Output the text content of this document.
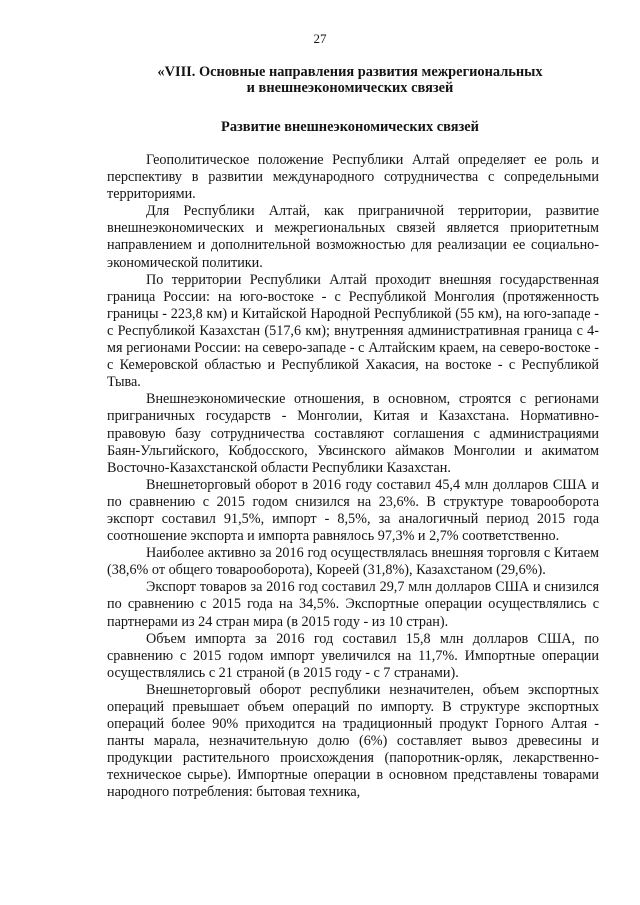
27
«VIII. Основные направления развития межрегиональных
и внешнеэкономических связей
Развитие внешнеэкономических связей

Геополитическое положение Республики Алтай определяет ее роль и перспективу в развитии международного сотрудничества с сопредельными территориями.

Для Республики Алтай, как приграничной территории, развитие внешнеэкономических и межрегиональных связей является приоритетным направлением и дополнительной возможностью для реализации ее социально-экономической политики.

По территории Республики Алтай проходит внешняя государственная граница России: на юго-востоке - с Республикой Монголия (протяженность границы - 223,8 км) и Китайской Народной Республикой (55 км), на юго-западе - с Республикой Казахстан (517,6 км); внутренняя административная граница с 4-мя регионами России: на северо-западе - с Алтайским краем, на северо-востоке - с Кемеровской областью и Республикой Хакасия, на востоке - с Республикой Тыва.

Внешнеэкономические отношения, в основном, строятся с регионами приграничных государств - Монголии, Китая и Казахстана. Нормативно-правовую базу сотрудничества составляют соглашения с администрациями Баян-Ульгийского, Кобдосского, Увсинского аймаков Монголии и акиматом Восточно-Казахстанской области Республики Казахстан.

Внешнеторговый оборот в 2016 году составил 45,4 млн долларов США и по сравнению с 2015 годом снизился на 23,6%. В структуре товарооборота экспорт составил 91,5%, импорт - 8,5%, за аналогичный период 2015 года соотношение экспорта и импорта равнялось 97,3% и 2,7% соответственно.

Наиболее активно за 2016 год осуществлялась внешняя торговля с Китаем (38,6% от общего товарооборота), Кореей (31,8%), Казахстаном (29,6%).

Экспорт товаров за 2016 год составил 29,7 млн долларов США и снизился по сравнению с 2015 года на 34,5%. Экспортные операции осуществлялись с партнерами из 24 стран мира (в 2015 году - из 10 стран).

Объем импорта за 2016 год составил 15,8 млн долларов США, по сравнению с 2015 годом импорт увеличился на 11,7%. Импортные операции осуществлялись с 21 страной (в 2015 году - с 7 странами).

Внешнеторговый оборот республики незначителен, объем экспортных операций превышает объем операций по импорту. В структуре экспортных операций более 90% приходится на традиционный продукт Горного Алтая - панты марала, незначительную долю (6%) составляет вывоз древесины и продукции растительного происхождения (папоротник-орляк, лекарственно-техническое сырье). Импортные операции в основном представлены товарами народного потребления: бытовая техника,
